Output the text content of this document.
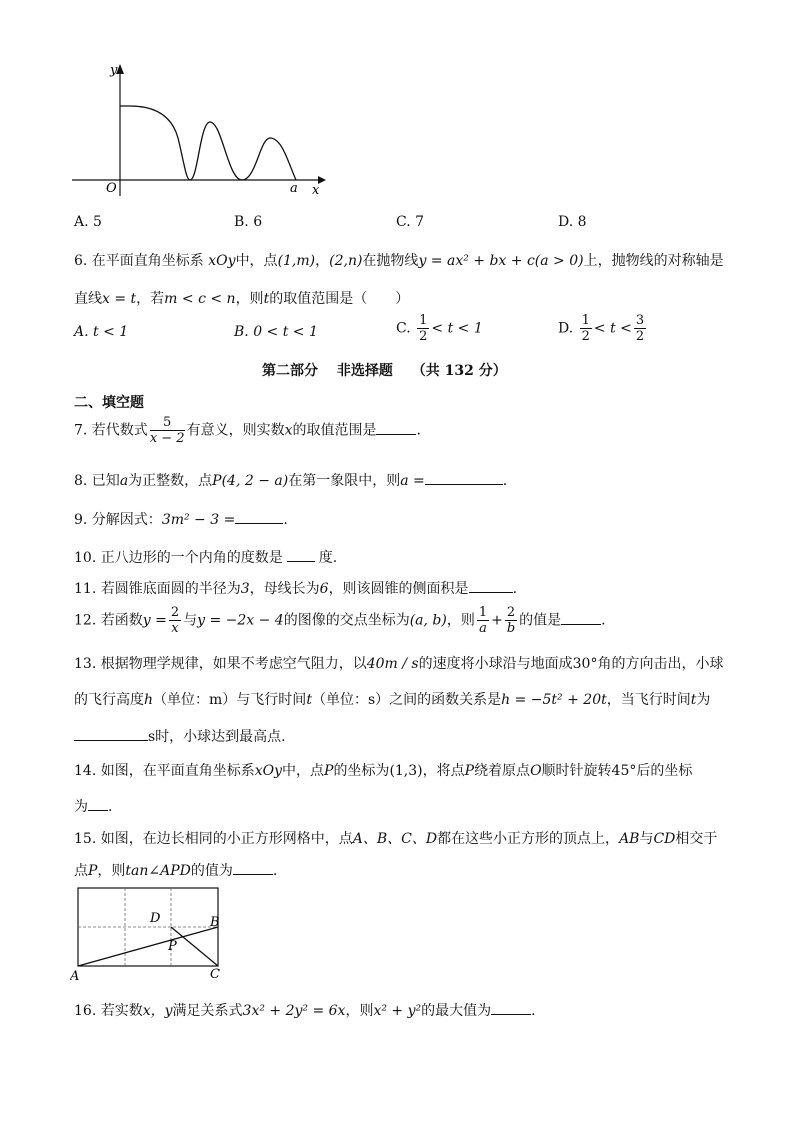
y
x
O	a
A. 5	B. 6	C. 7	D. 8
6. 在平面直角坐标系 xOy中，点(1,m)，(2,n)在抛物线y = ax² + bx + c(a > 0)上，抛物线的对称轴是
直线x = t，若m < c < n，则t的取值范围是（　　）
A. t < 1	B. 0 < t < 1	C. $\frac{1}{2} < t < 1$	D. $\frac{1}{2} < t < \frac{3}{2}$
第二部分　 非选择题　 （共 132 分）
二、填空题
7. 若代数式 $\frac{5}{x - 2}$ 有意义，则实数x的取值范围是	.
8. 已知a为正整数，点P(4, 2 − a)在第一象限中，则a =	.
9. 分解因式：3m² − 3 =	.
10. 正八边形的一个内角的度数是	度.
11. 若圆锥底面圆的半径为3，母线长为6，则该圆锥的侧面积是	.
12. 若函数$y = \frac{2}{x}$ 与y = −2x − 4的图像的交点坐标为(a, b)，则 $\frac{1}{a} + \frac{2}{b}$ 的值是	.
13. 根据物理学规律，如果不考虑空气阻力，以40m / s的速度将小球沿与地面成30°角的方向击出，小球
的飞行高度h（单位：m）与飞行时间t（单位：s）之间的函数关系是h = −5t² + 20t，当飞行时间t为
s时，小球达到最高点.
14. 如图，在平面直角坐标系xOy中，点P的坐标为(1,3)，将点P绕着原点O顺时针旋转45°后的坐标
为 .
15. 如图，在边长相同的小正方形网格中，点A、B、C、D都在这些小正方形的顶点上，AB与CD相交于
点P，则tan∠APD的值为	.
A
B
C
D
P
16. 若实数x，y满足关系式3x² + 2y² = 6x，则x² + y²的最大值为	.
